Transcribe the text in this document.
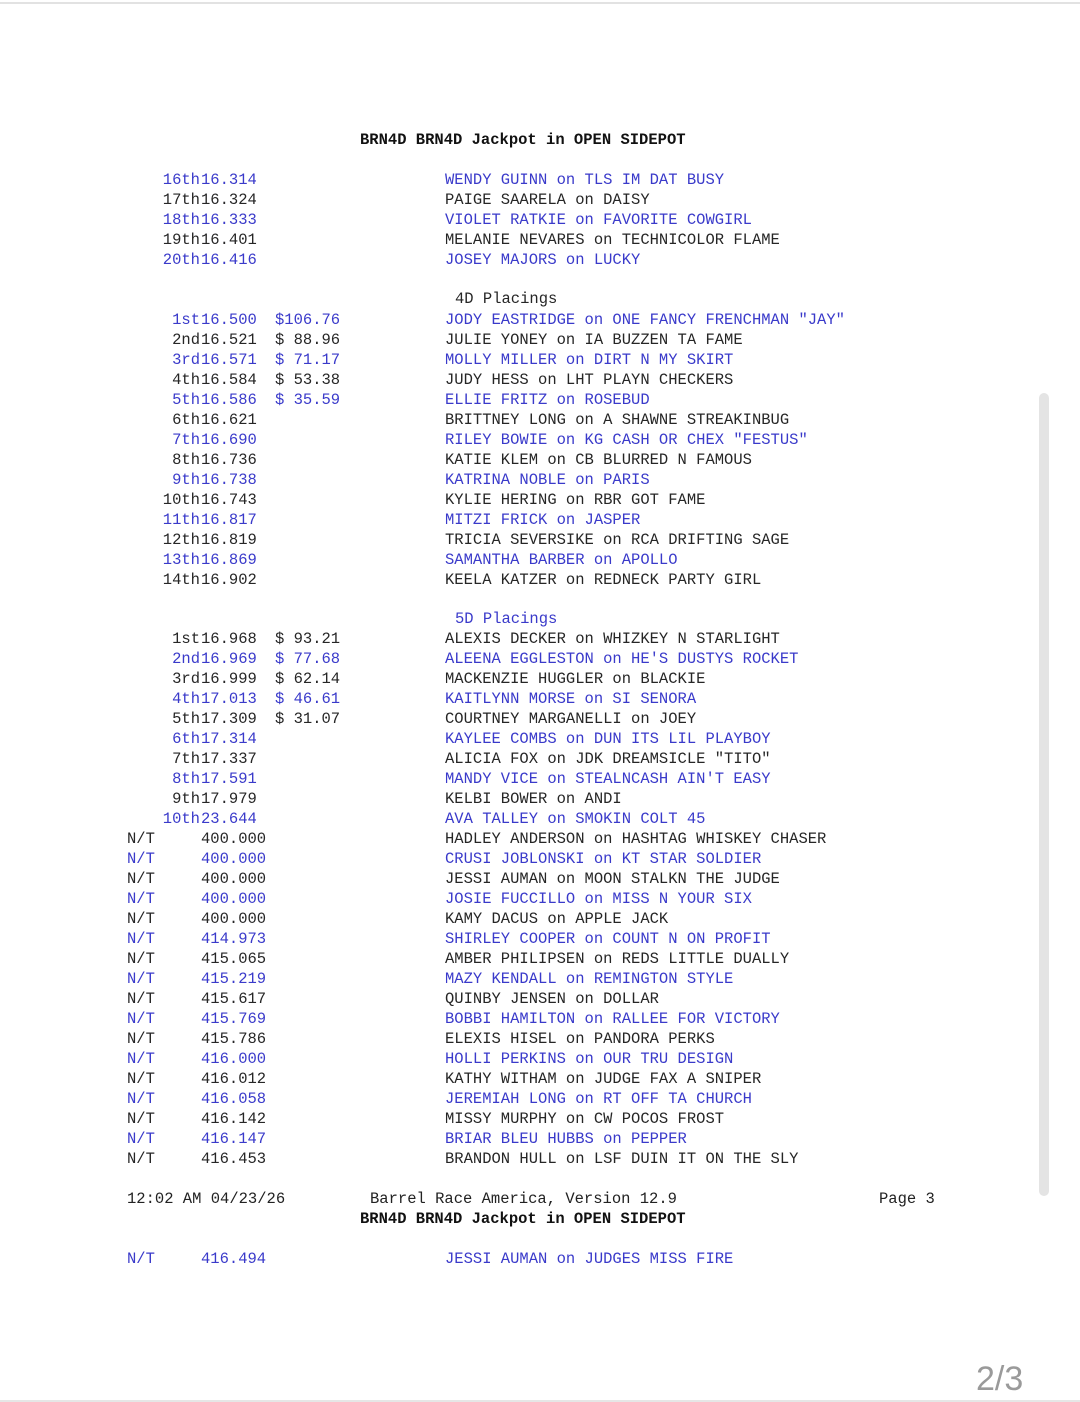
BRN4D BRN4D Jackpot in OPEN SIDEPOT
16th 16.314	WENDY GUINN on TLS IM DAT BUSY
17th 16.324	PAIGE SAARELA on DAISY
18th 16.333	VIOLET RATKIE on FAVORITE COWGIRL
19th 16.401	MELANIE NEVARES on TECHNICOLOR FLAME
20th 16.416	JOSEY MAJORS on LUCKY
4D Placings
1st 16.500 $106.76	JODY EASTRIDGE on ONE FANCY FRENCHMAN "JAY"
2nd 16.521 $ 88.96	JULIE YONEY on IA BUZZEN TA FAME
3rd 16.571 $ 71.17	MOLLY MILLER on DIRT N MY SKIRT
4th 16.584 $ 53.38	JUDY HESS on LHT PLAYN CHECKERS
5th 16.586 $ 35.59	ELLIE FRITZ on ROSEBUD
6th 16.621	BRITTNEY LONG on A SHAWNE STREAKINBUG
7th 16.690	RILEY BOWIE on KG CASH OR CHEX "FESTUS"
8th 16.736	KATIE KLEM on CB BLURRED N FAMOUS
9th 16.738	KATRINA NOBLE on PARIS
10th 16.743	KYLIE HERING on RBR GOT FAME
11th 16.817	MITZI FRICK on JASPER
12th 16.819	TRICIA SEVERSIKE on RCA DRIFTING SAGE
13th 16.869	SAMANTHA BARBER on APOLLO
14th 16.902	KEELA KATZER on REDNECK PARTY GIRL
5D Placings
1st 16.968 $ 93.21	ALEXIS DECKER on WHIZKEY N STARLIGHT
2nd 16.969 $ 77.68	ALEENA EGGLESTON on HE'S DUSTYS ROCKET
3rd 16.999 $ 62.14	MACKENZIE HUGGLER on BLACKIE
4th 17.013 $ 46.61	KAITLYNN MORSE on SI SENORA
5th 17.309 $ 31.07	COURTNEY MARGANELLI on JOEY
6th 17.314	KAYLEE COMBS on DUN ITS LIL PLAYBOY
7th 17.337	ALICIA FOX on JDK DREAMSICLE "TITO"
8th 17.591	MANDY VICE on STEALNCASH AIN'T EASY
9th 17.979	KELBI BOWER on ANDI
10th 23.644	AVA TALLEY on SMOKIN COLT 45
N/T	400.000	HADLEY ANDERSON on HASHTAG WHISKEY CHASER
N/T	400.000	CRUSI JOBLONSKI on KT STAR SOLDIER
N/T	400.000	JESSI AUMAN on MOON STALKN THE JUDGE
N/T	400.000	JOSIE FUCCILLO on MISS N YOUR SIX
N/T	400.000	KAMY DACUS on APPLE JACK
N/T	414.973	SHIRLEY COOPER on COUNT N ON PROFIT
N/T	415.065	AMBER PHILIPSEN on REDS LITTLE DUALLY
N/T	415.219	MAZY KENDALL on REMINGTON STYLE
N/T	415.617	QUINBY JENSEN on DOLLAR
N/T	415.769	BOBBI HAMILTON on RALLEE FOR VICTORY
N/T	415.786	ELEXIS HISEL on PANDORA PERKS
N/T	416.000	HOLLI PERKINS on OUR TRU DESIGN
N/T	416.012	KATHY WITHAM on JUDGE FAX A SNIPER
N/T	416.058	JEREMIAH LONG on RT OFF TA CHURCH
N/T	416.142	MISSY MURPHY on CW POCOS FROST
N/T	416.147	BRIAR BLEU HUBBS on PEPPER
N/T	416.453	BRANDON HULL on LSF DUIN IT ON THE SLY
12:02 AM 04/23/26	Barrel Race America, Version 12.9	Page 3
BRN4D BRN4D Jackpot in OPEN SIDEPOT
N/T	416.494	JESSI AUMAN on JUDGES MISS FIRE
2/3
